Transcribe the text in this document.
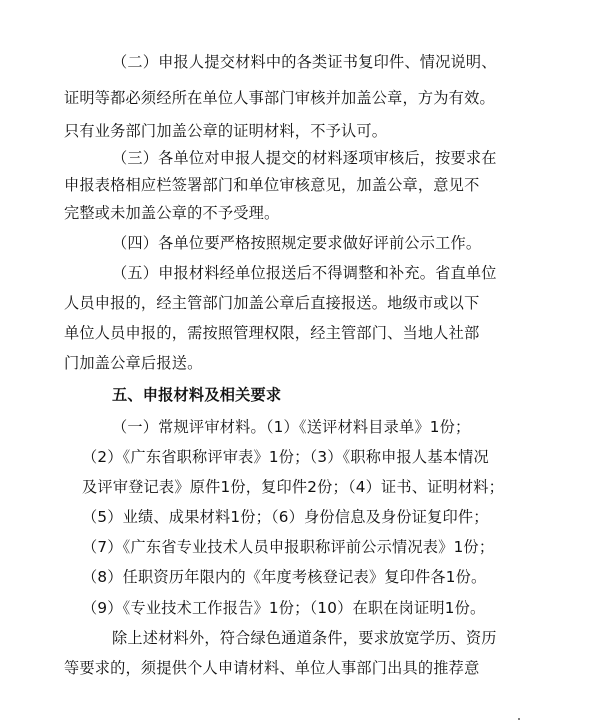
（二）申报人提交材料中的各类证书复印件、情况说明、
证明等都必须经所在单位人事部门审核并加盖公章，方为有效。
只有业务部门加盖公章的证明材料，不予认可。
（三）各单位对申报人提交的材料逐项审核后，按要求在
申报表格相应栏签署部门和单位审核意见，加盖公章，意见不
完整或未加盖公章的不予受理。
（四）各单位要严格按照规定要求做好评前公示工作。
（五）申报材料经单位报送后不得调整和补充。省直单位
人员申报的，经主管部门加盖公章后直接报送。地级市或以下
单位人员申报的，需按照管理权限，经主管部门、当地人社部
门加盖公章后报送。
五、申报材料及相关要求
（一）常规评审材料。（1）《送评材料目录单》1份；
（2）《广东省职称评审表》1份；（3）《职称申报人基本情况
及评审登记表》原件1份，复印件2份；（4）证书、证明材料；
（5）业绩、成果材料1份；（6）身份信息及身份证复印件；
（7）《广东省专业技术人员申报职称评前公示情况表》1份；
（8）任职资历年限内的《年度考核登记表》复印件各1份。
（9）《专业技术工作报告》1份；（10）在职在岗证明1份。
除上述材料外，符合绿色通道条件，要求放宽学历、资历
等要求的，须提供个人申请材料、单位人事部门出具的推荐意
